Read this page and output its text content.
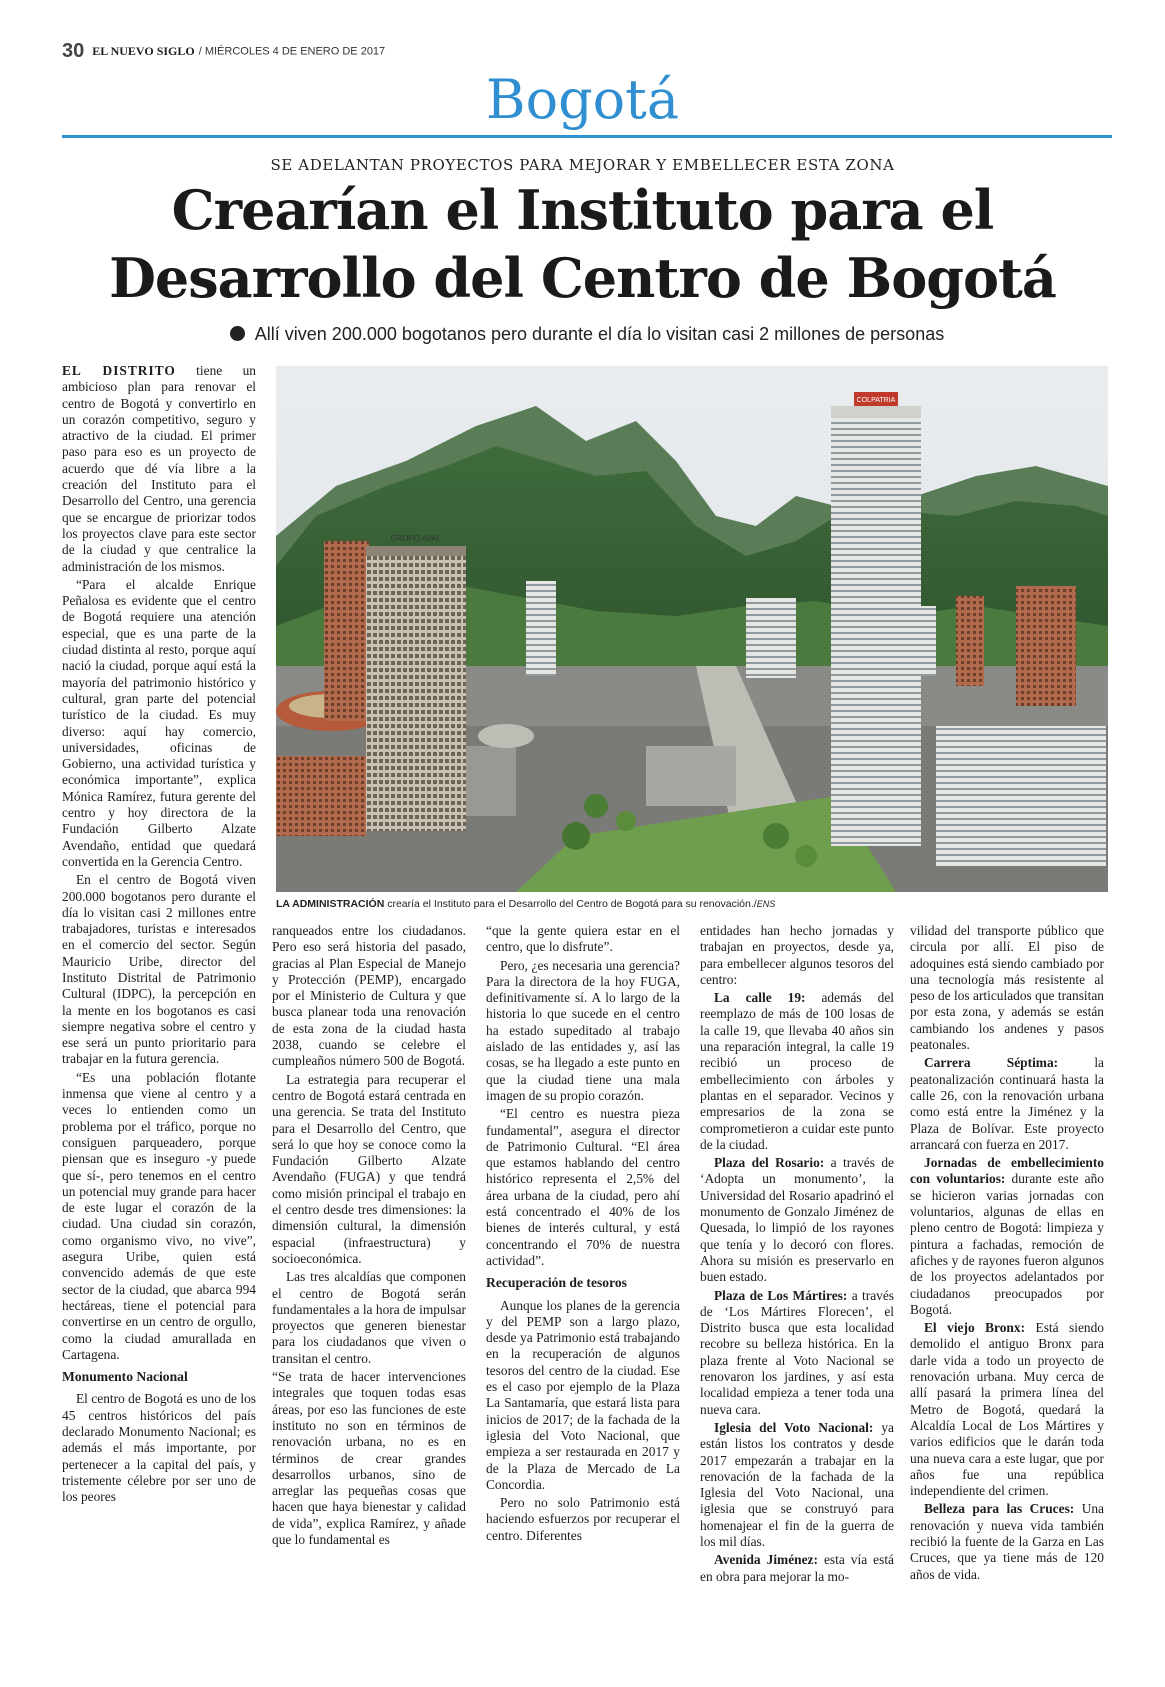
30 EL NUEVO SIGLO / MIÉRCOLES 4 DE ENERO DE 2017
Bogotá
SE ADELANTAN PROYECTOS PARA MEJORAR Y EMBELLECER ESTA ZONA
Crearían el Instituto para el
Desarrollo del Centro de Bogotá
Allí viven 200.000 bogotanos pero durante el día lo visitan casi 2 millones de personas
GRUPO AVAL
COLPATRIA
LA ADMINISTRACIÓN crearía el Instituto para el Desarrollo del Centro de Bogotá para su renovación./ENS

EL DISTRITO tiene un ambicioso plan para renovar el centro de Bogotá y convertirlo en un corazón competitivo, seguro y atractivo de la ciudad. El primer paso para eso es un proyecto de acuerdo que dé vía libre a la creación del Instituto para el Desarrollo del Centro, una gerencia que se encargue de priorizar todos los proyectos clave para este sector de la ciudad y que centralice la administración de los mismos.

“Para el alcalde Enrique Peñalosa es evidente que el centro de Bogotá requiere una atención especial, que es una parte de la ciudad distinta al resto, porque aquí nació la ciudad, porque aquí está la mayoría del patrimonio histórico y cultural, gran parte del potencial turístico de la ciudad. Es muy diverso: aquí hay comercio, universidades, oficinas de Gobierno, una actividad turística y económica importante”, explica Mónica Ramírez, futura gerente del centro y hoy directora de la Fundación Gilberto Alzate Avendaño, entidad que quedará convertida en la Gerencia Centro.

En el centro de Bogotá viven 200.000 bogotanos pero durante el día lo visitan casi 2 millones entre trabajadores, turistas e interesados en el comercio del sector. Según Mauricio Uribe, director del Instituto Distrital de Patrimonio Cultural (IDPC), la percepción en la mente en los bogotanos es casi siempre negativa sobre el centro y ese será un punto prioritario para trabajar en la futura gerencia.

“Es una población flotante inmensa que viene al centro y a veces lo entienden como un problema por el tráfico, porque no consiguen parqueadero, porque piensan que es inseguro -y puede que sí-, pero tenemos en el centro un potencial muy grande para hacer de este lugar el corazón de la ciudad. Una ciudad sin corazón, como organismo vivo, no vive”, asegura Uribe, quien está convencido además de que este sector de la ciudad, que abarca 994 hectáreas, tiene el potencial para convertirse en un centro de orgullo, como la ciudad amurallada en Cartagena.

Monumento Nacional

El centro de Bogotá es uno de los 45 centros históricos del país declarado Monumento Nacional; es además el más importante, por pertenecer a la capital del país, y tristemente célebre por ser uno de los peores

ranqueados entre los ciudadanos. Pero eso será historia del pasado, gracias al Plan Especial de Manejo y Protección (PEMP), encargado por el Ministerio de Cultura y que busca planear toda una renovación de esta zona de la ciudad hasta 2038, cuando se celebre el cumpleaños número 500 de Bogotá.

La estrategia para recuperar el centro de Bogotá estará centrada en una gerencia. Se trata del Instituto para el Desarrollo del Centro, que será lo que hoy se conoce como la Fundación Gilberto Alzate Avendaño (FUGA) y que tendrá como misión principal el trabajo en el centro desde tres dimensiones: la dimensión cultural, la dimensión espacial (infraestructura) y socioeconómica.

Las tres alcaldías que componen el centro de Bogotá serán fundamentales a la hora de impulsar proyectos que generen bienestar para los ciudadanos que viven o transitan el centro.

“Se trata de hacer intervenciones integrales que toquen todas esas áreas, por eso las funciones de este instituto no son en términos de renovación urbana, no es en términos de crear grandes desarrollos urbanos, sino de arreglar las pequeñas cosas que hacen que haya bienestar y calidad de vida”, explica Ramírez, y añade que lo fundamental es

“que la gente quiera estar en el centro, que lo disfrute”.

Pero, ¿es necesaria una gerencia? Para la directora de la hoy FUGA, definitivamente sí. A lo largo de la historia lo que sucede en el centro ha estado supeditado al trabajo aislado de las entidades y, así las cosas, se ha llegado a este punto en que la ciudad tiene una mala imagen de su propio corazón.

“El centro es nuestra pieza fundamental”, asegura el director de Patrimonio Cultural. “El área que estamos hablando del centro histórico representa el 2,5% del área urbana de la ciudad, pero ahí está concentrado el 40% de los bienes de interés cultural, y está concentrando el 70% de nuestra actividad”.

Recuperación de tesoros

Aunque los planes de la gerencia y del PEMP son a largo plazo, desde ya Patrimonio está trabajando en la recuperación de algunos tesoros del centro de la ciudad. Ese es el caso por ejemplo de la Plaza La Santamaría, que estará lista para inicios de 2017; de la fachada de la iglesia del Voto Nacional, que empieza a ser restaurada en 2017 y de la Plaza de Mercado de La Concordia.

Pero no solo Patrimonio está haciendo esfuerzos por recuperar el centro. Diferentes

entidades han hecho jornadas y trabajan en proyectos, desde ya, para embellecer algunos tesoros del centro:

La calle 19: además del reemplazo de más de 100 losas de la calle 19, que llevaba 40 años sin una reparación integral, la calle 19 recibió un proceso de embellecimiento con árboles y plantas en el separador. Vecinos y empresarios de la zona se comprometieron a cuidar este punto de la ciudad.

Plaza del Rosario: a través de ‘Adopta un monumento’, la Universidad del Rosario apadrinó el monumento de Gonzalo Jiménez de Quesada, lo limpió de los rayones que tenía y lo decoró con flores. Ahora su misión es preservarlo en buen estado.

Plaza de Los Mártires: a través de ‘Los Mártires Florecen’, el Distrito busca que esta localidad recobre su belleza histórica. En la plaza frente al Voto Nacional se renovaron los jardines, y así esta localidad empieza a tener toda una nueva cara.

Iglesia del Voto Nacional: ya están listos los contratos y desde 2017 empezarán a trabajar en la renovación de la fachada de la Iglesia del Voto Nacional, una iglesia que se construyó para homenajear el fin de la guerra de los mil días.

Avenida Jiménez: esta vía está en obra para mejorar la mo-

vilidad del transporte público que circula por allí. El piso de adoquines está siendo cambiado por una tecnología más resistente al peso de los articulados que transitan por esta zona, y además se están cambiando los andenes y pasos peatonales.

Carrera Séptima: la peatonalización continuará hasta la calle 26, con la renovación urbana como está entre la Jiménez y la Plaza de Bolívar. Este proyecto arrancará con fuerza en 2017.

Jornadas de embellecimiento con voluntarios: durante este año se hicieron varias jornadas con voluntarios, algunas de ellas en pleno centro de Bogotá: limpieza y pintura a fachadas, remoción de afiches y de rayones fueron algunos de los proyectos adelantados por ciudadanos preocupados por Bogotá.

El viejo Bronx: Está siendo demolido el antiguo Bronx para darle vida a todo un proyecto de renovación urbana. Muy cerca de allí pasará la primera línea del Metro de Bogotá, quedará la Alcaldía Local de Los Mártires y varios edificios que le darán toda una nueva cara a este lugar, que por años fue una república independiente del crimen.

Belleza para las Cruces: Una renovación y nueva vida también recibió la fuente de la Garza en Las Cruces, que ya tiene más de 120 años de vida.
